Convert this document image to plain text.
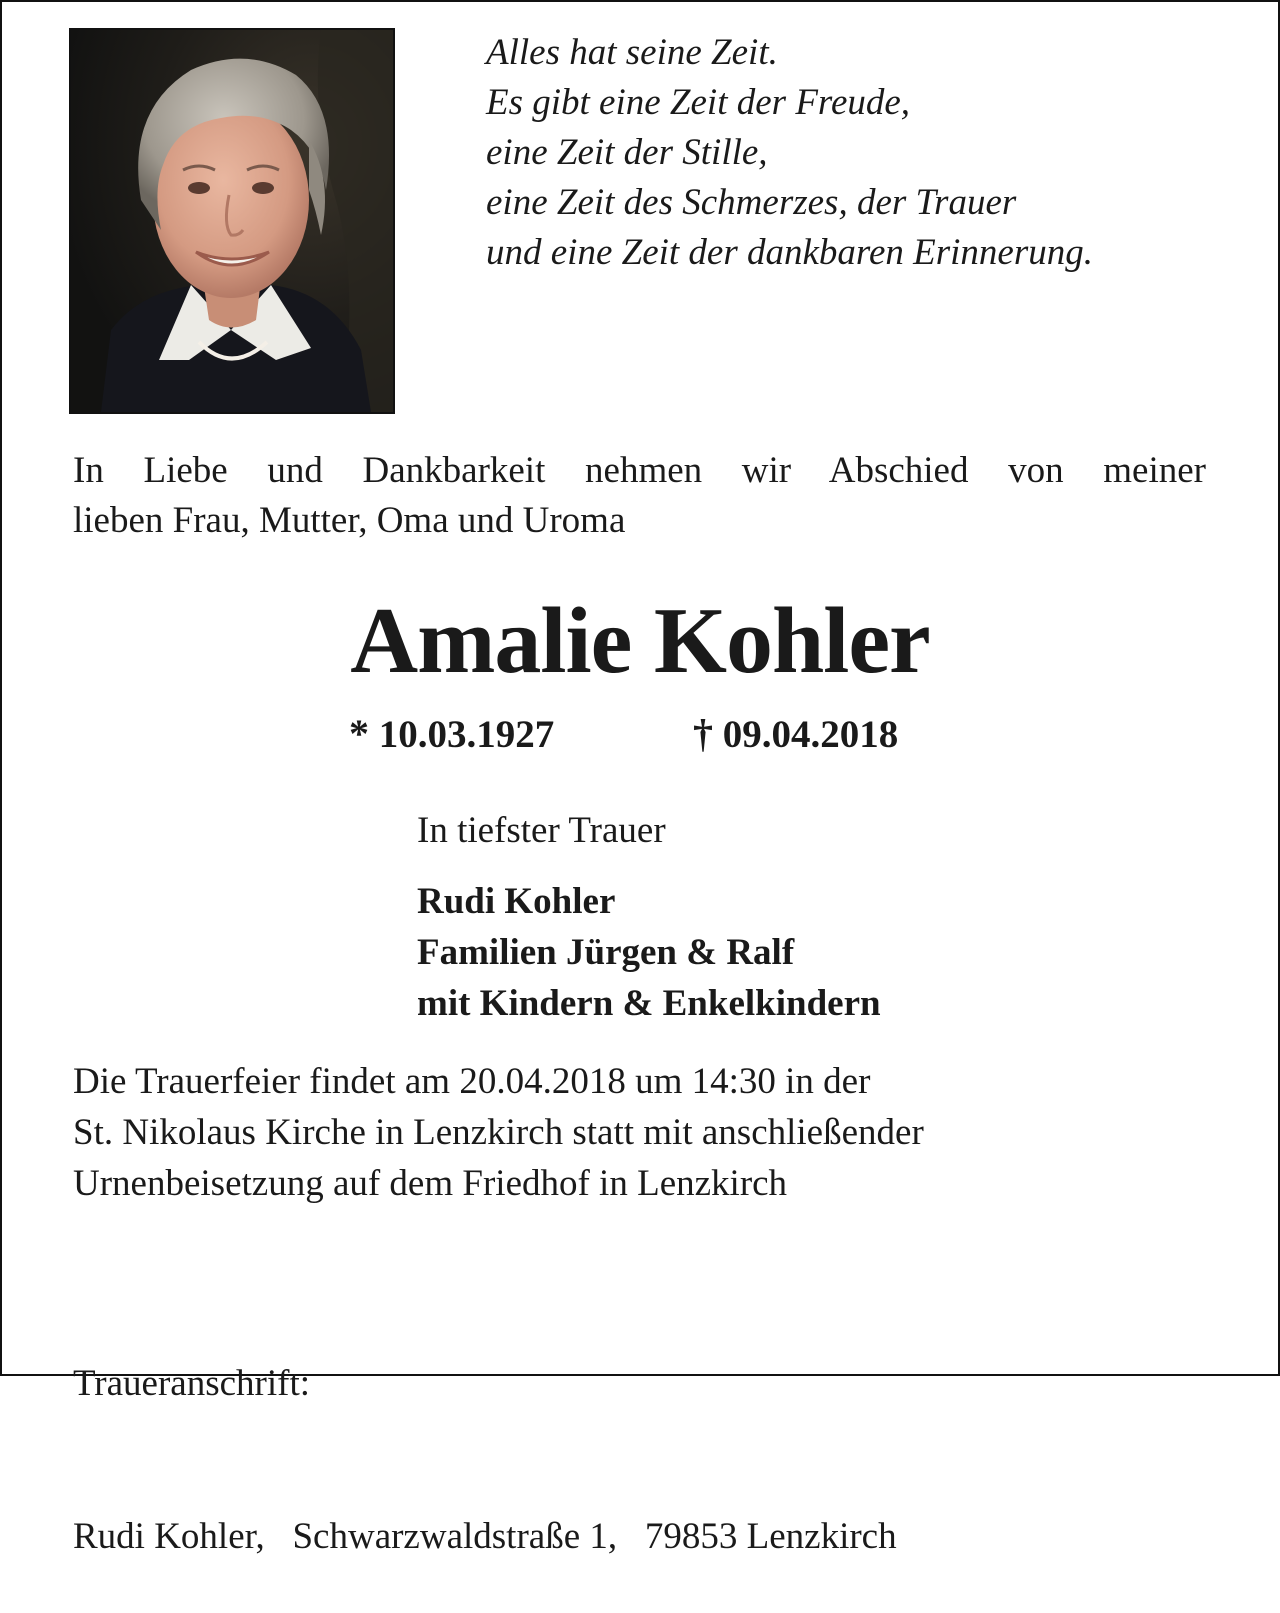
Alles hat seine Zeit.
Es gibt eine Zeit der Freude,
eine Zeit der Stille,
eine Zeit des Schmerzes, der Trauer
und eine Zeit der dankbaren Erinnerung.
In Liebe und Dankbarkeit nehmen wir Abschied von meiner
lieben Frau, Mutter, Oma und Uroma
Amalie Kohler
* 10.03.1927	† 09.04.2018
In tiefster Trauer
Rudi Kohler
Familien Jürgen & Ralf
mit Kindern & Enkelkindern
Die Trauerfeier findet am 20.04.2018 um 14:30 in der
St. Nikolaus Kirche in Lenzkirch statt mit anschließender
Urnenbeisetzung auf dem Friedhof in Lenzkirch

Traueranschrift:

Rudi Kohler,   Schwarzwaldstraße 1,   79853 Lenzkirch
